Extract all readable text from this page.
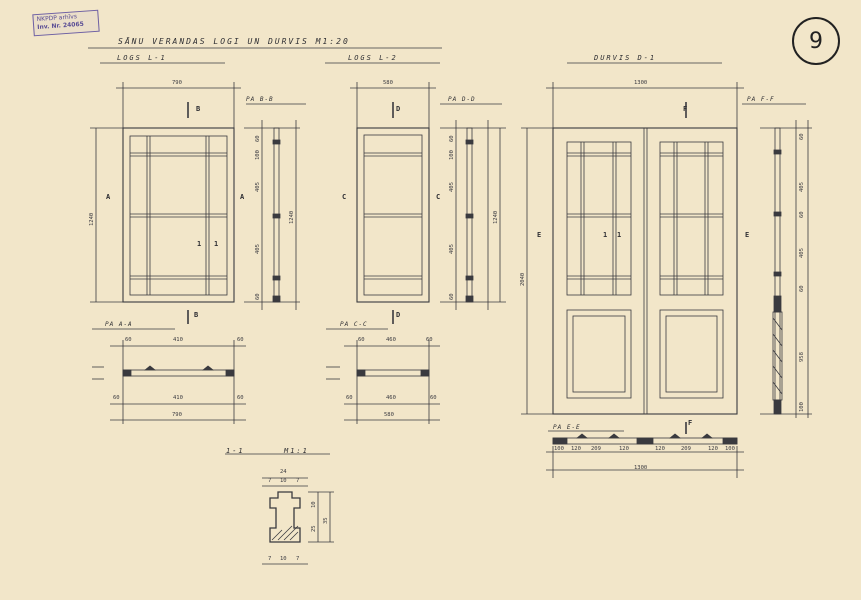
NKPDP arhīvs
Inv. Nr. 24065
9
SĀNU VERANDAS LOGI UN DURVIS M1:20
LOGS L-1	LOGS L-2	DURVIS D-1
PA B-B	PA D-D	PA F-F
PA A-A	PA C-C
PA E-E
1-1	M1:1
B
B
A	A
1 1
D
D
C	C
F
F
E	E
1 1
790
1240
580	1300
2040
60	410	60
60	410	60
790
60	460	60
60	460	60
580
60
100
405
405
60
1240
60
100
405
405
60
1240
60
405
60
405
60
958
100
100 120 209	120	120	209	120 100
1300
24
7 10 7
10
25
35
7 10 7
